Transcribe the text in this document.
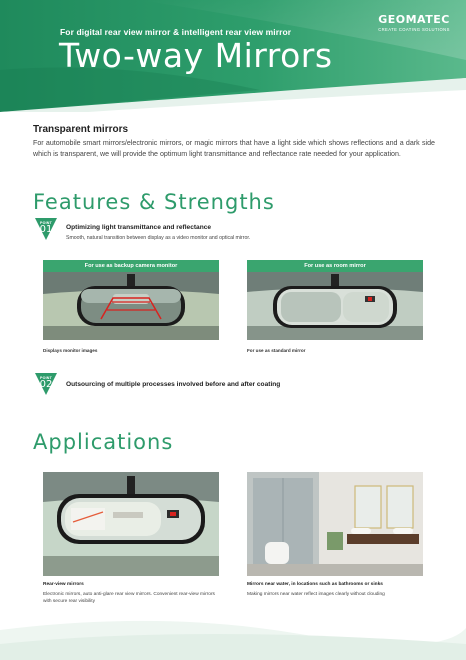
For digital rear view mirror & intelligent rear view mirror
Two-way Mirrors
GEOMATEC
CREATE COATING SOLUTIONS
Transparent mirrors
For automobile smart mirrors/electronic mirrors, or magic mirrors that have a light side which shows reflections and a dark side which is transparent, we will provide the optimum light transmittance and reflectance rate needed for your application.
Features & Strengths
POINT
01	Optimizing light transmittance and reflectance
Smooth, natural transition between display as a video monitor and optical mirror.
For use as backup camera monitor
Displays monitor images
For use as room mirror
For use as standard mirror
POINT
02	Outsourcing of multiple processes involved before and after coating
Applications
Rear-view mirrors
Electronic mirrors, auto anti-glare rear view mirrors. Convenient rear-view mirrors with secure rear visibility
Mirrors near water, in locations such as bathrooms or sinks
Making mirrors near water reflect images clearly without clouding
